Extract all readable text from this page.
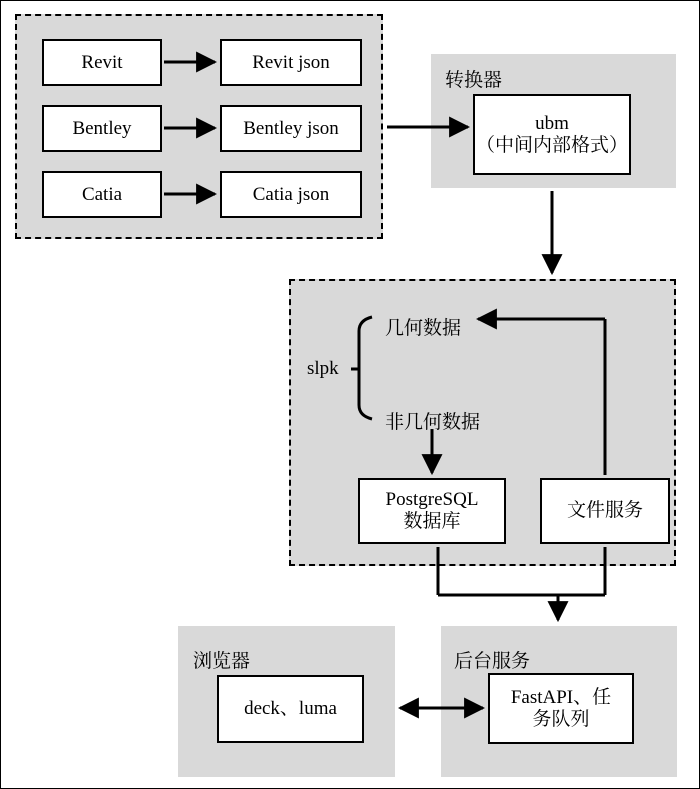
转换器
浏览器	后台服务
Revit	Revit json
Bentley	Bentley json
Catia	Catia json
ubm
（中间内部格式）
slpk
几何数据
非几何数据
PostgreSQL
数据库
文件服务
deck、luma
FastAPI、任
务队列
